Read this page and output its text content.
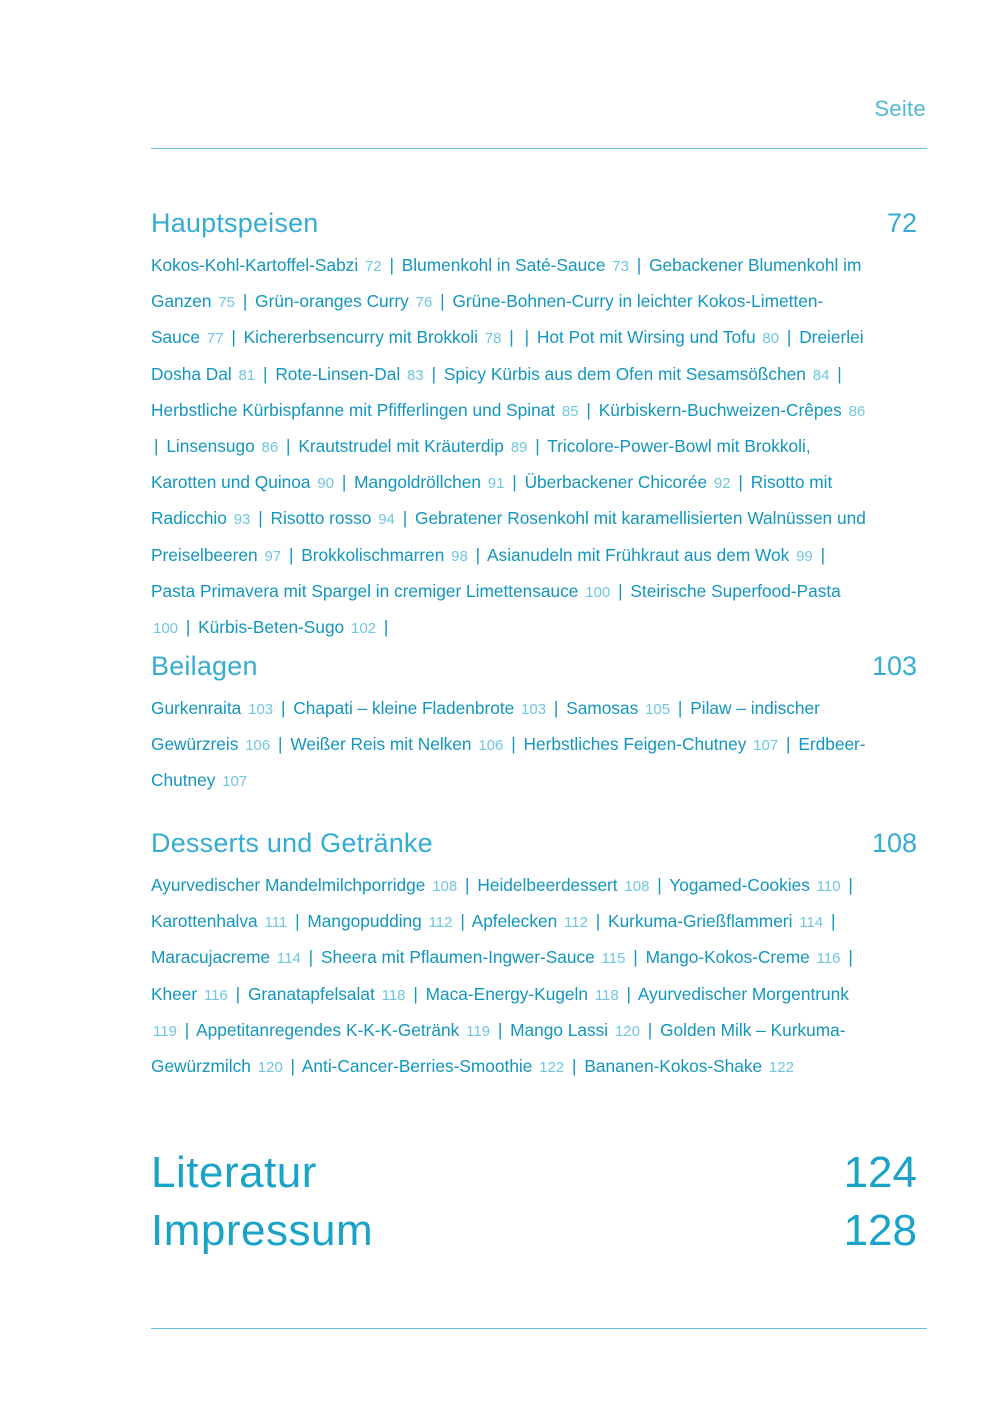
Seite
Hauptspeisen	72
Kokos-Kohl-Kartoffel-Sabzi 72 | Blumenkohl in Saté-Sauce 73 | Gebackener Blumenkohl im Ganzen 75 | Grün-oranges Curry 76 | Grüne-Bohnen-Curry in leichter Kokos-Limetten-Sauce 77 | Kichererbsencurry mit Brokkoli 78 | | Hot Pot mit Wirsing und Tofu 80 | Dreierlei Dosha Dal 81 | Rote-Linsen-Dal 83 | Spicy Kürbis aus dem Ofen mit Sesamsößchen 84 | Herbstliche Kürbispfanne mit Pfifferlingen und Spinat 85 | Kürbiskern-Buchweizen-Crêpes 86 | Linsensugo 86 | Krautstrudel mit Kräuterdip 89 | Tricolore-Power-Bowl mit Brokkoli, Karotten und Quinoa 90 | Mangoldröllchen 91 | Überbackener Chicorée 92 | Risotto mit Radicchio 93 | Risotto rosso 94 | Gebratener Rosenkohl mit karamellisierten Walnüssen und Preiselbeeren 97 | Brokkolischmarren 98 | Asianudeln mit Frühkraut aus dem Wok 99 | Pasta Primavera mit Spargel in cremiger Limettensauce 100 | Steirische Superfood-Pasta 100 | Kürbis-Beten-Sugo 102 |
Beilagen	103
Gurkenraita 103 | Chapati – kleine Fladenbrote 103 | Samosas 105 | Pilaw – indischer Gewürzreis 106 | Weißer Reis mit Nelken 106 | Herbstliches Feigen-Chutney 107 | Erdbeer-Chutney 107
Desserts und Getränke	108
Ayurvedischer Mandelmilchporridge 108 | Heidelbeerdessert 108 | Yogamed-Cookies 110 | Karottenhalva 111 | Mangopudding 112 | Apfelecken 112 | Kurkuma-Grießflammeri 114 | Maracujacreme 114 | Sheera mit Pflaumen-Ingwer-Sauce 115 | Mango-Kokos-Creme 116 | Kheer 116 | Granatapfelsalat 118 | Maca-Energy-Kugeln 118 | Ayurvedischer Morgentrunk 119 | Appetitanregendes K-K-K-Getränk 119 | Mango Lassi 120 | Golden Milk – Kurkuma-Gewürzmilch 120 | Anti-Cancer-Berries-Smoothie 122 | Bananen-Kokos-Shake 122
Literatur	124
Impressum	128
